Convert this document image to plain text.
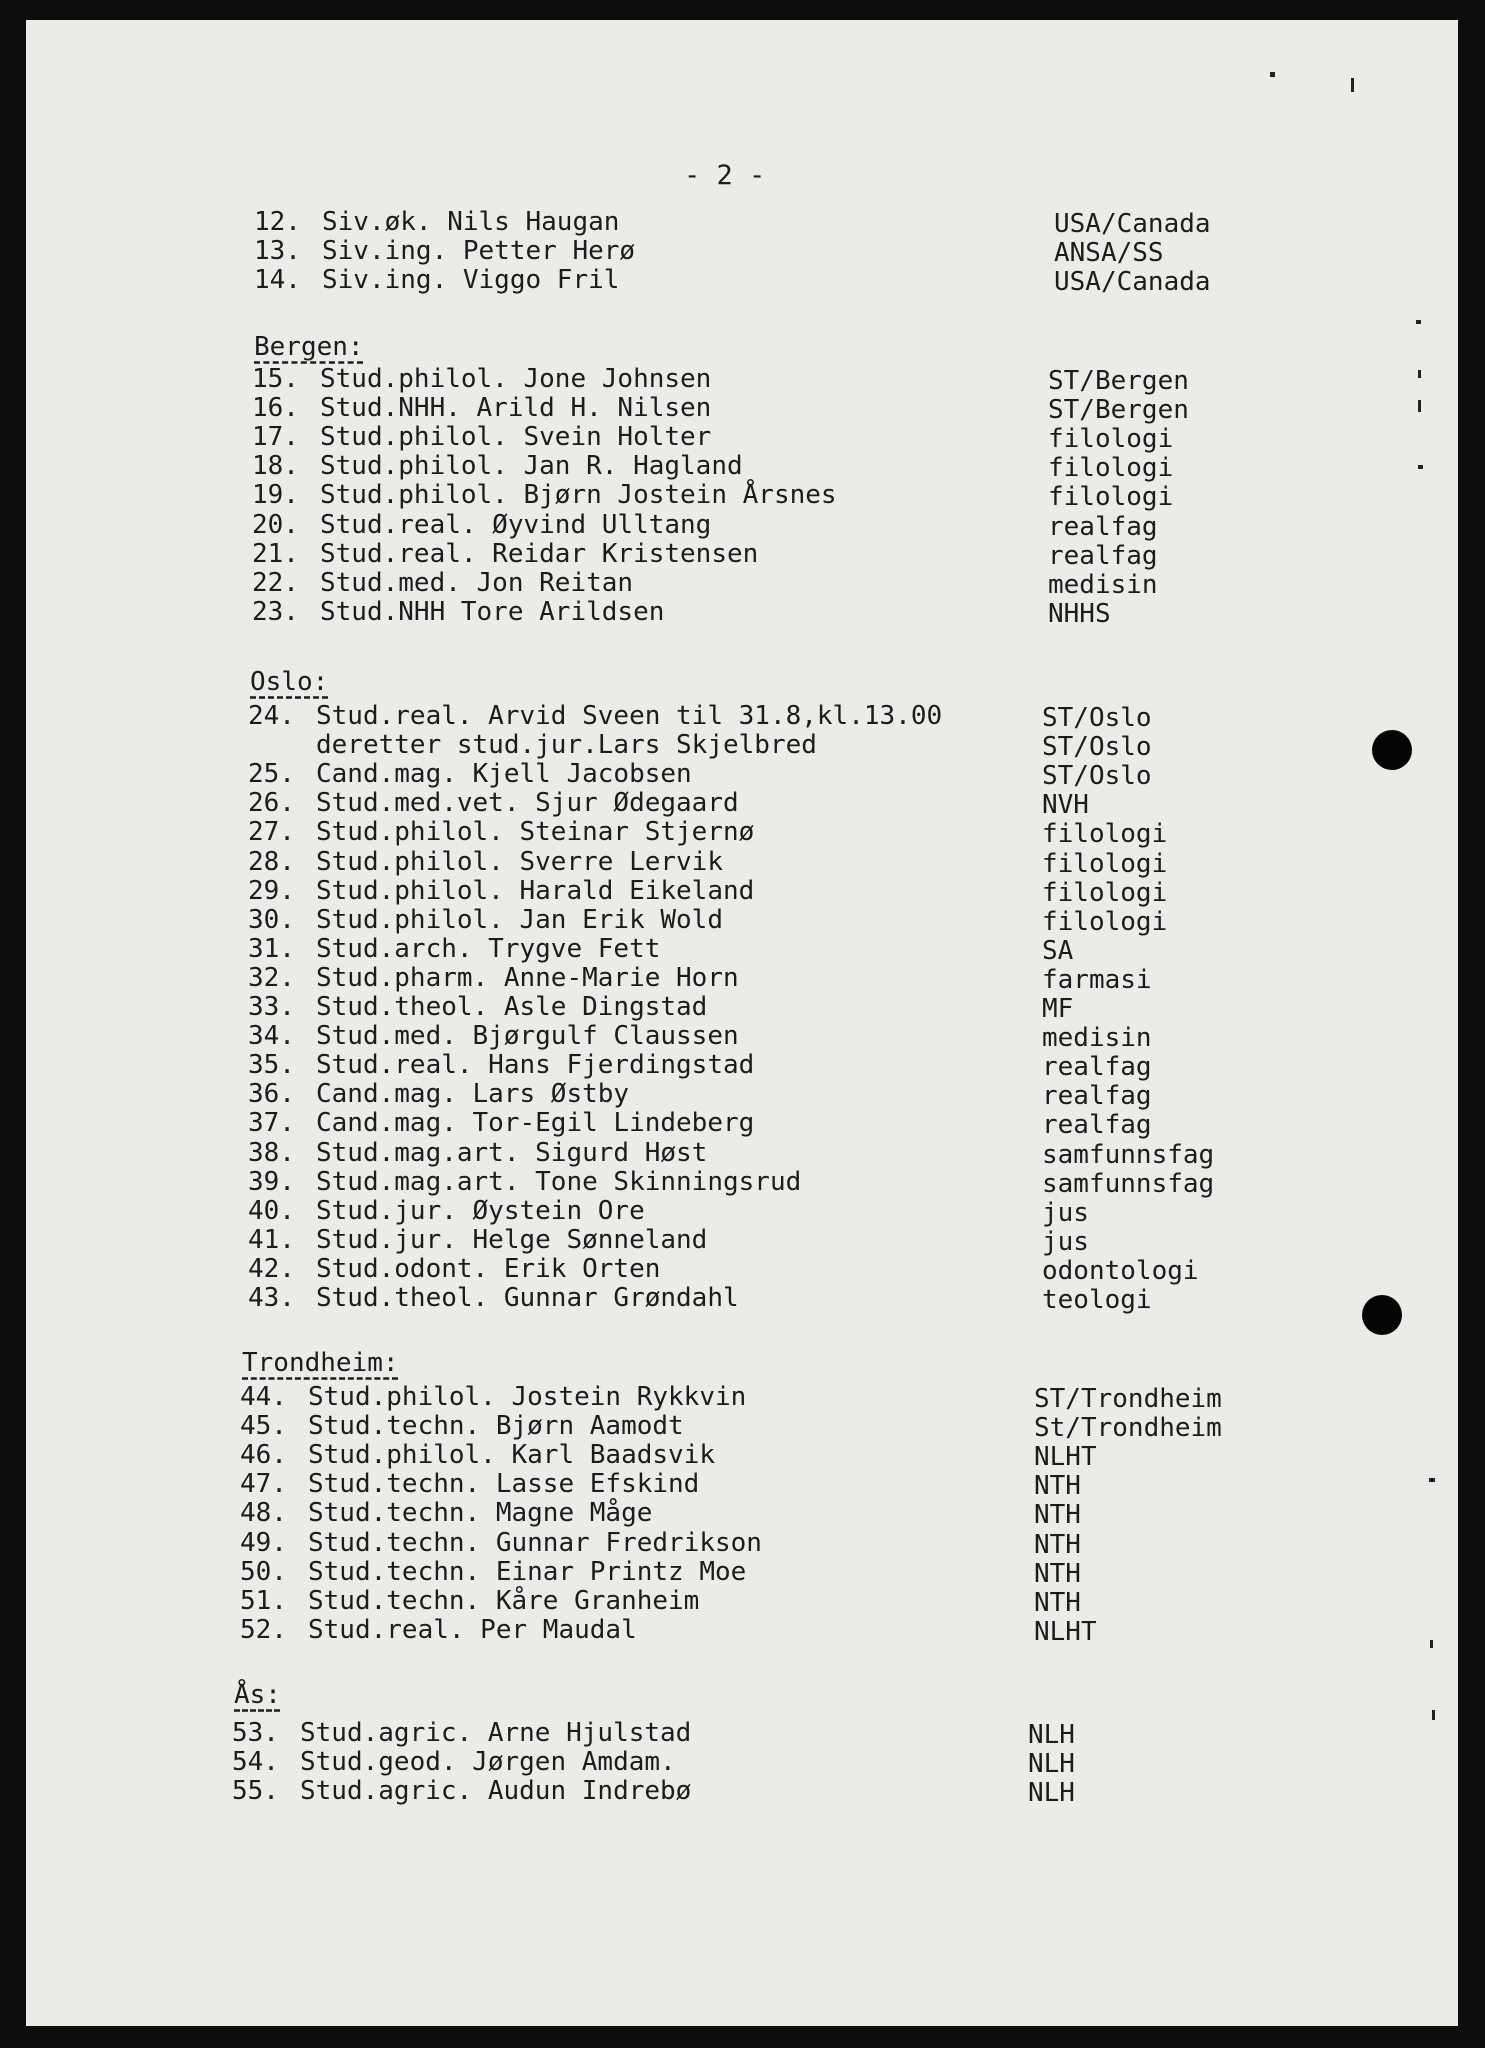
- 2 -
12. Siv.øk. Nils Haugan	USA/Canada
13. Siv.ing. Petter Herø	ANSA/SS
14. Siv.ing. Viggo Fril	USA/Canada
Bergen:
15. Stud.philol. Jone Johnsen	ST/Bergen
16. Stud.NHH. Arild H. Nilsen	ST/Bergen
17. Stud.philol. Svein Holter	filologi
18. Stud.philol. Jan R. Hagland	filologi
19. Stud.philol. Bjørn Jostein Årsnes	filologi
20. Stud.real. Øyvind Ulltang	realfag
21. Stud.real. Reidar Kristensen	realfag
22. Stud.med. Jon Reitan	medisin
23. Stud.NHH Tore Arildsen	NHHS
Oslo:
24. Stud.real. Arvid Sveen til 31.8,kl.13.00	ST/Oslo
deretter stud.jur.Lars Skjelbred	ST/Oslo
25. Cand.mag. Kjell Jacobsen	ST/Oslo
26. Stud.med.vet. Sjur Ødegaard	NVH
27. Stud.philol. Steinar Stjernø	filologi
28. Stud.philol. Sverre Lervik	filologi
29. Stud.philol. Harald Eikeland	filologi
30. Stud.philol. Jan Erik Wold	filologi
31. Stud.arch. Trygve Fett	SA
32. Stud.pharm. Anne-Marie Horn	farmasi
33. Stud.theol. Asle Dingstad	MF
34. Stud.med. Bjørgulf Claussen	medisin
35. Stud.real. Hans Fjerdingstad	realfag
36. Cand.mag. Lars Østby	realfag
37. Cand.mag. Tor-Egil Lindeberg	realfag
38. Stud.mag.art. Sigurd Høst	samfunnsfag
39. Stud.mag.art. Tone Skinningsrud	samfunnsfag
40. Stud.jur. Øystein Ore	jus
41. Stud.jur. Helge Sønneland	jus
42. Stud.odont. Erik Orten	odontologi
43. Stud.theol. Gunnar Grøndahl	teologi
Trondheim:
44. Stud.philol. Jostein Rykkvin	ST/Trondheim
45. Stud.techn. Bjørn Aamodt	St/Trondheim
46. Stud.philol. Karl Baadsvik	NLHT
47. Stud.techn. Lasse Efskind	NTH
48. Stud.techn. Magne Måge	NTH
49. Stud.techn. Gunnar Fredrikson	NTH
50. Stud.techn. Einar Printz Moe	NTH
51. Stud.techn. Kåre Granheim	NTH
52. Stud.real. Per Maudal	NLHT
Ås:
53. Stud.agric. Arne Hjulstad	NLH
54. Stud.geod. Jørgen Amdam.	NLH
55. Stud.agric. Audun Indrebø	NLH
